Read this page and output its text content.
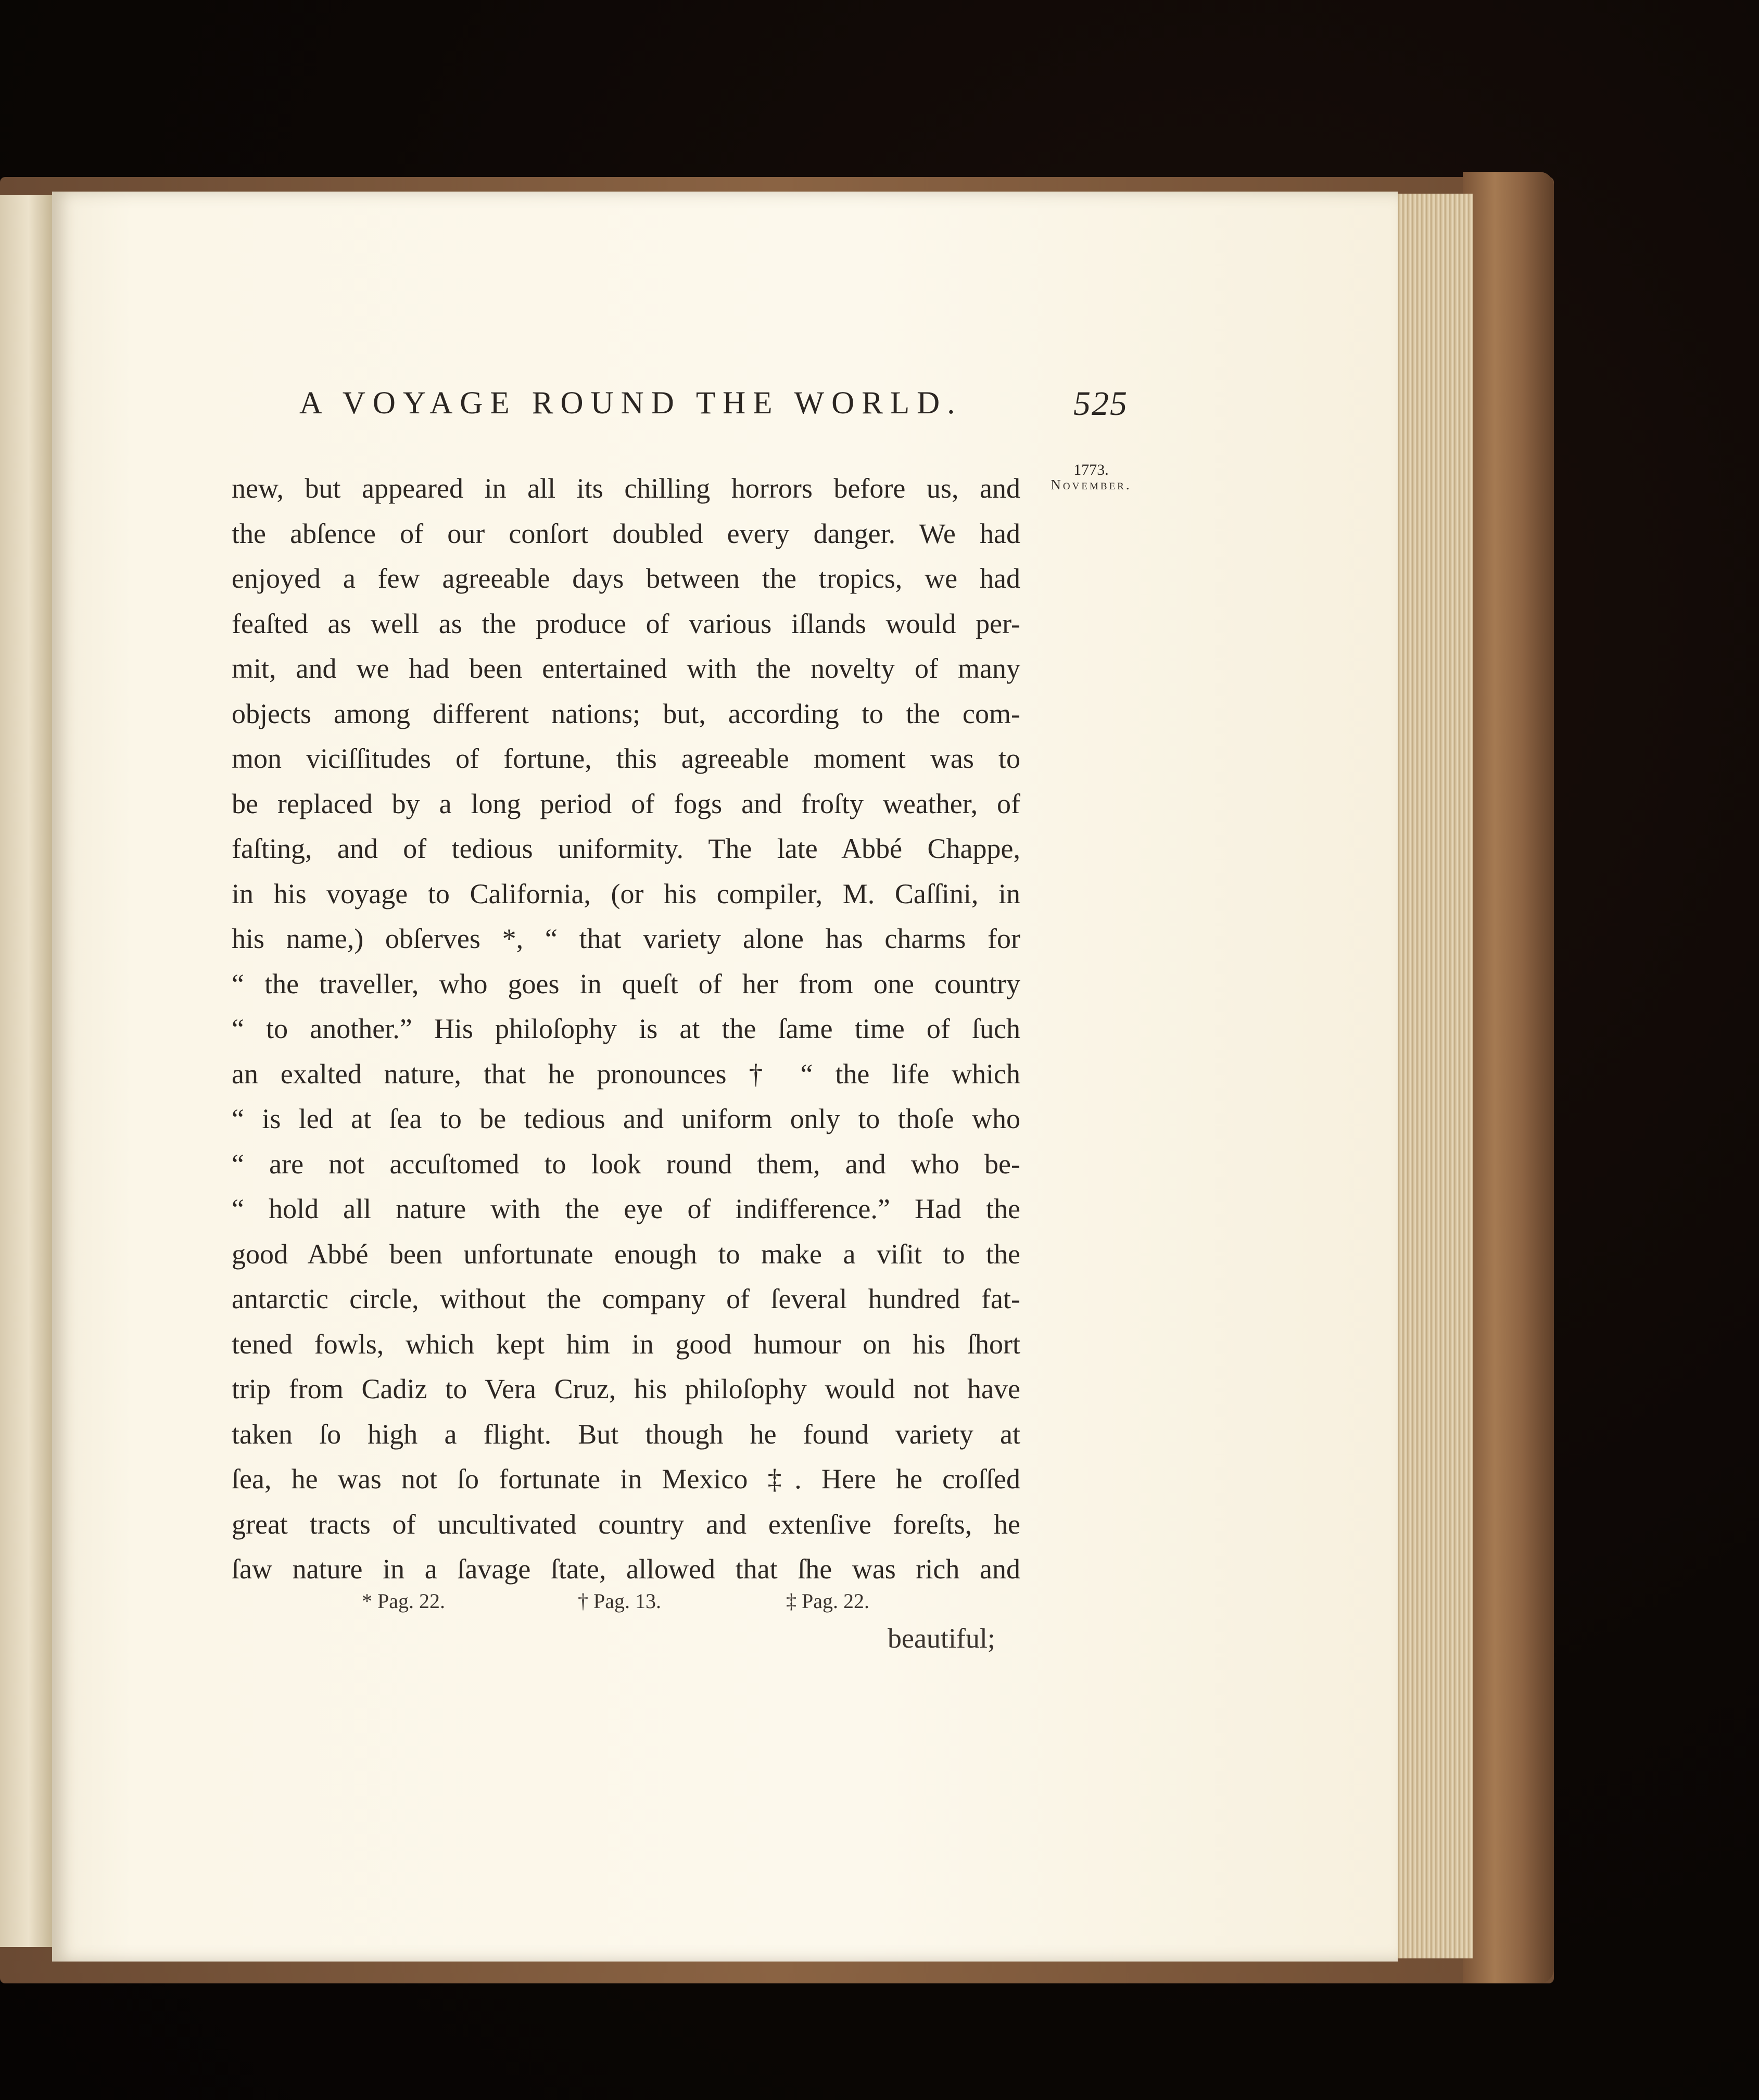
A VOYAGE ROUND THE WORLD.	525
1773.
November.
new, but appeared in all its chilling horrors before us, and
the abſence of our conſort doubled every danger. We had
enjoyed a few agreeable days between the tropics, we had
feaſted as well as the produce of various iſlands would per-
mit, and we had been entertained with the novelty of many
objects among different nations; but, according to the com-
mon viciſſitudes of fortune, this agreeable moment was to
be replaced by a long period of fogs and froſty weather, of
faſting, and of tedious uniformity. The late Abbé Chappe,
in his voyage to California, (or his compiler, M. Caſſini, in
his name,) obſerves *, “ that variety alone has charms for
“ the traveller, who goes in queſt of her from one country
“ to another.” His philoſophy is at the ſame time of ſuch
an exalted nature, that he pronounces † “ the life which
“ is led at ſea to be tedious and uniform only to thoſe who
“ are not accuſtomed to look round them, and who be-
“ hold all nature with the eye of indifference.” Had the
good Abbé been unfortunate enough to make a viſit to the
antarctic circle, without the company of ſeveral hundred fat-
tened fowls, which kept him in good humour on his ſhort
trip from Cadiz to Vera Cruz, his philoſophy would not have
taken ſo high a flight. But though he found variety at
ſea, he was not ſo fortunate in Mexico ‡. Here he croſſed
great tracts of uncultivated country and extenſive foreſts, he
ſaw nature in a ſavage ſtate, allowed that ſhe was rich and
* Pag. 22.	† Pag. 13.	‡ Pag. 22.
beautiful;
